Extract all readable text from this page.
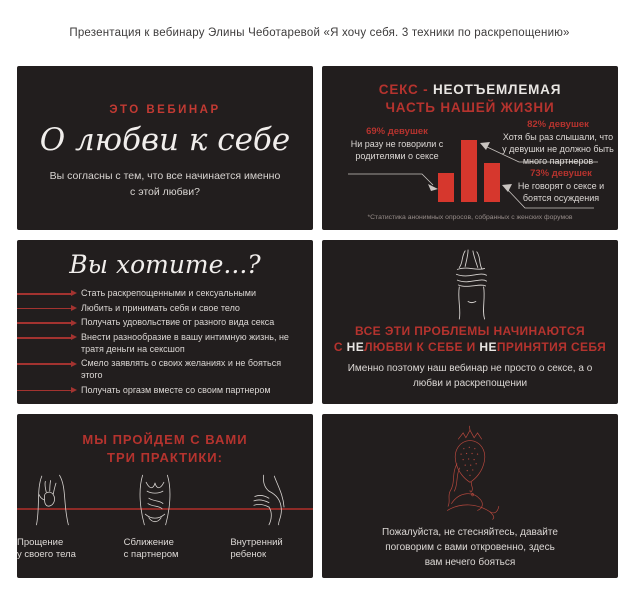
Презентация к вебинару Элины Чеботаревой «Я хочу себя. 3 техники по раскрепощению»
ЭТО ВЕБИНАР
О любви к себе
Вы согласны с тем, что все начинается именно с этой любви?
СЕКС - НЕОТЪЕМЛЕМАЯ
ЧАСТЬ НАШЕЙ ЖИЗНИ
69% девушек
Ни разу не говорили с родителями о сексе
82% девушек
Хотя бы раз слышали, что у девушки не должно быть много партнеров
73% девушек
Не говорят о сексе и боятся осуждения
*Статистика анонимных опросов, собранных с женских форумов
Вы хотите...?
Стать раскрепощенными и сексуальными
Любить и принимать себя и свое тело
Получать удовольствие от разного вида секса
Внести разнообразие в вашу интимную жизнь, не тратя деньги на сексшоп
Смело заявлять о своих желаниях и не бояться этого
Получать оргазм вместе со своим партнером
ВСЕ ЭТИ ПРОБЛЕМЫ НАЧИНАЮТСЯ
С НЕЛЮБВИ К СЕБЕ И НЕПРИНЯТИЯ СЕБЯ
Именно поэтому наш вебинар не просто о сексе, а о любви и раскрепощении
МЫ ПРОЙДЕМ С ВАМИ
ТРИ ПРАКТИКИ:
Прощение
у своего тела
Сближение
с партнером
Внутренний
ребенок
Пожалуйста, не стесняйтесь, давайте
поговорим с вами откровенно, здесь
вам нечего бояться
